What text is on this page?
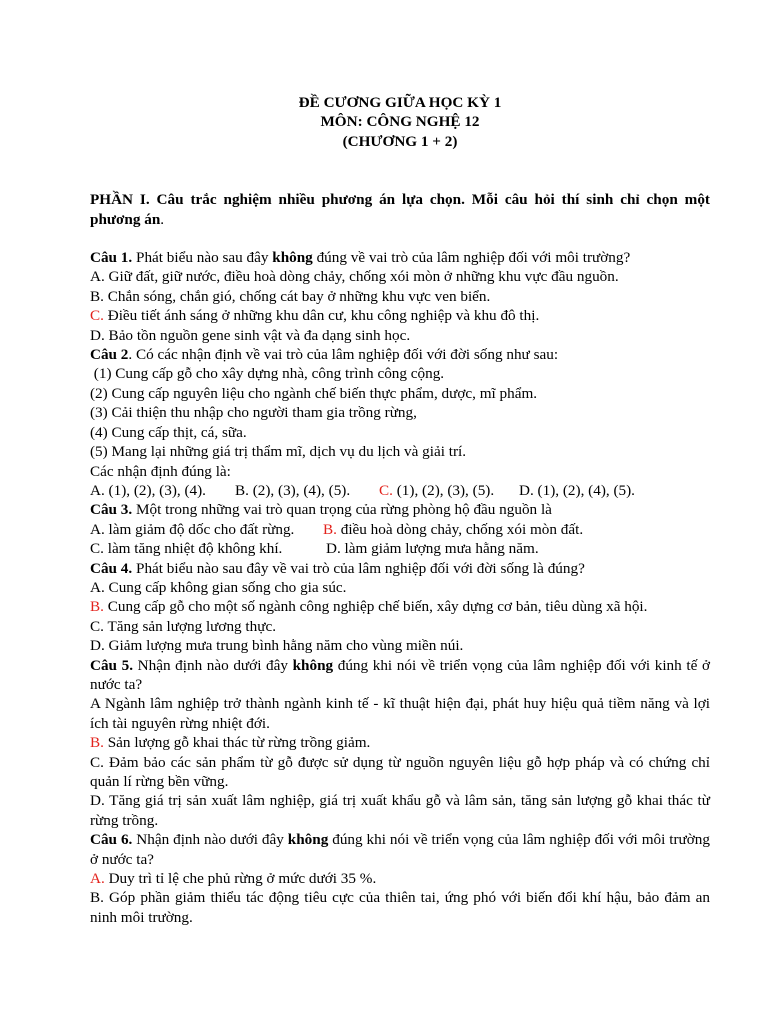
ĐỀ CƯƠNG GIỮA HỌC KỲ 1
MÔN: CÔNG NGHỆ 12
(CHƯƠNG 1 + 2)
PHẦN I. Câu trắc nghiệm nhiều phương án lựa chọn. Mỗi câu hỏi thí sinh chỉ chọn một phương án.
Câu 1. Phát biểu nào sau đây không đúng về vai trò của lâm nghiệp đối với môi trường?
A. Giữ đất, giữ nước, điều hoà dòng chảy, chống xói mòn ở những khu vực đầu nguồn.
B. Chắn sóng, chắn gió, chống cát bay ở những khu vực ven biển.
C. Điều tiết ánh sáng ở những khu dân cư, khu công nghiệp và khu đô thị.
D. Bảo tồn nguồn gene sinh vật và đa dạng sinh học.
Câu 2. Có các nhận định về vai trò của lâm nghiệp đối với đời sống như sau:
(1) Cung cấp gỗ cho xây dựng nhà, công trình công cộng.
(2) Cung cấp nguyên liệu cho ngành chế biến thực phẩm, dược, mĩ phẩm.
(3) Cải thiện thu nhập cho người tham gia trồng rừng,
(4) Cung cấp thịt, cá, sữa.
(5) Mang lại những giá trị thẩm mĩ, dịch vụ du lịch và giải trí.
Các nhận định đúng là:
A. (1), (2), (3), (4). B. (2), (3), (4), (5). C. (1), (2), (3), (5). D. (1), (2), (4), (5).
Câu 3. Một trong những vai trò quan trọng của rừng phòng hộ đầu nguồn là
A. làm giảm độ dốc cho đất rừng. B. điều hoà dòng chảy, chống xói mòn đất.
C. làm tăng nhiệt độ không khí.	D. làm giảm lượng mưa hằng năm.
Câu 4. Phát biểu nào sau đây về vai trò của lâm nghiệp đối với đời sống là đúng?
A. Cung cấp không gian sống cho gia súc.
B. Cung cấp gỗ cho một số ngành công nghiệp chế biến, xây dựng cơ bản, tiêu dùng xã hội.
C. Tăng sản lượng lương thực.
D. Giảm lượng mưa trung bình hằng năm cho vùng miền núi.
Câu 5. Nhận định nào dưới đây không đúng khi nói về triển vọng của lâm nghiệp đối với kinh tế ở nước ta?
A Ngành lâm nghiệp trở thành ngành kinh tế - kĩ thuật hiện đại, phát huy hiệu quả tiềm năng và lợi ích tài nguyên rừng nhiệt đới.
B. Sản lượng gỗ khai thác từ rừng trồng giảm.
C. Đảm bảo các sản phẩm từ gỗ được sử dụng từ nguồn nguyên liệu gỗ hợp pháp và có chứng chỉ quản lí rừng bền vững.
D. Tăng giá trị sản xuất lâm nghiệp, giá trị xuất khẩu gỗ và lâm sản, tăng sản lượng gỗ khai thác từ rừng trồng.
Câu 6. Nhận định nào dưới đây không đúng khi nói về triển vọng của lâm nghiệp đối với môi trường ở nước ta?
A. Duy trì tỉ lệ che phủ rừng ở mức dưới 35 %.
B. Góp phần giảm thiểu tác động tiêu cực của thiên tai, ứng phó với biến đổi khí hậu, bảo đảm an ninh môi trường.
